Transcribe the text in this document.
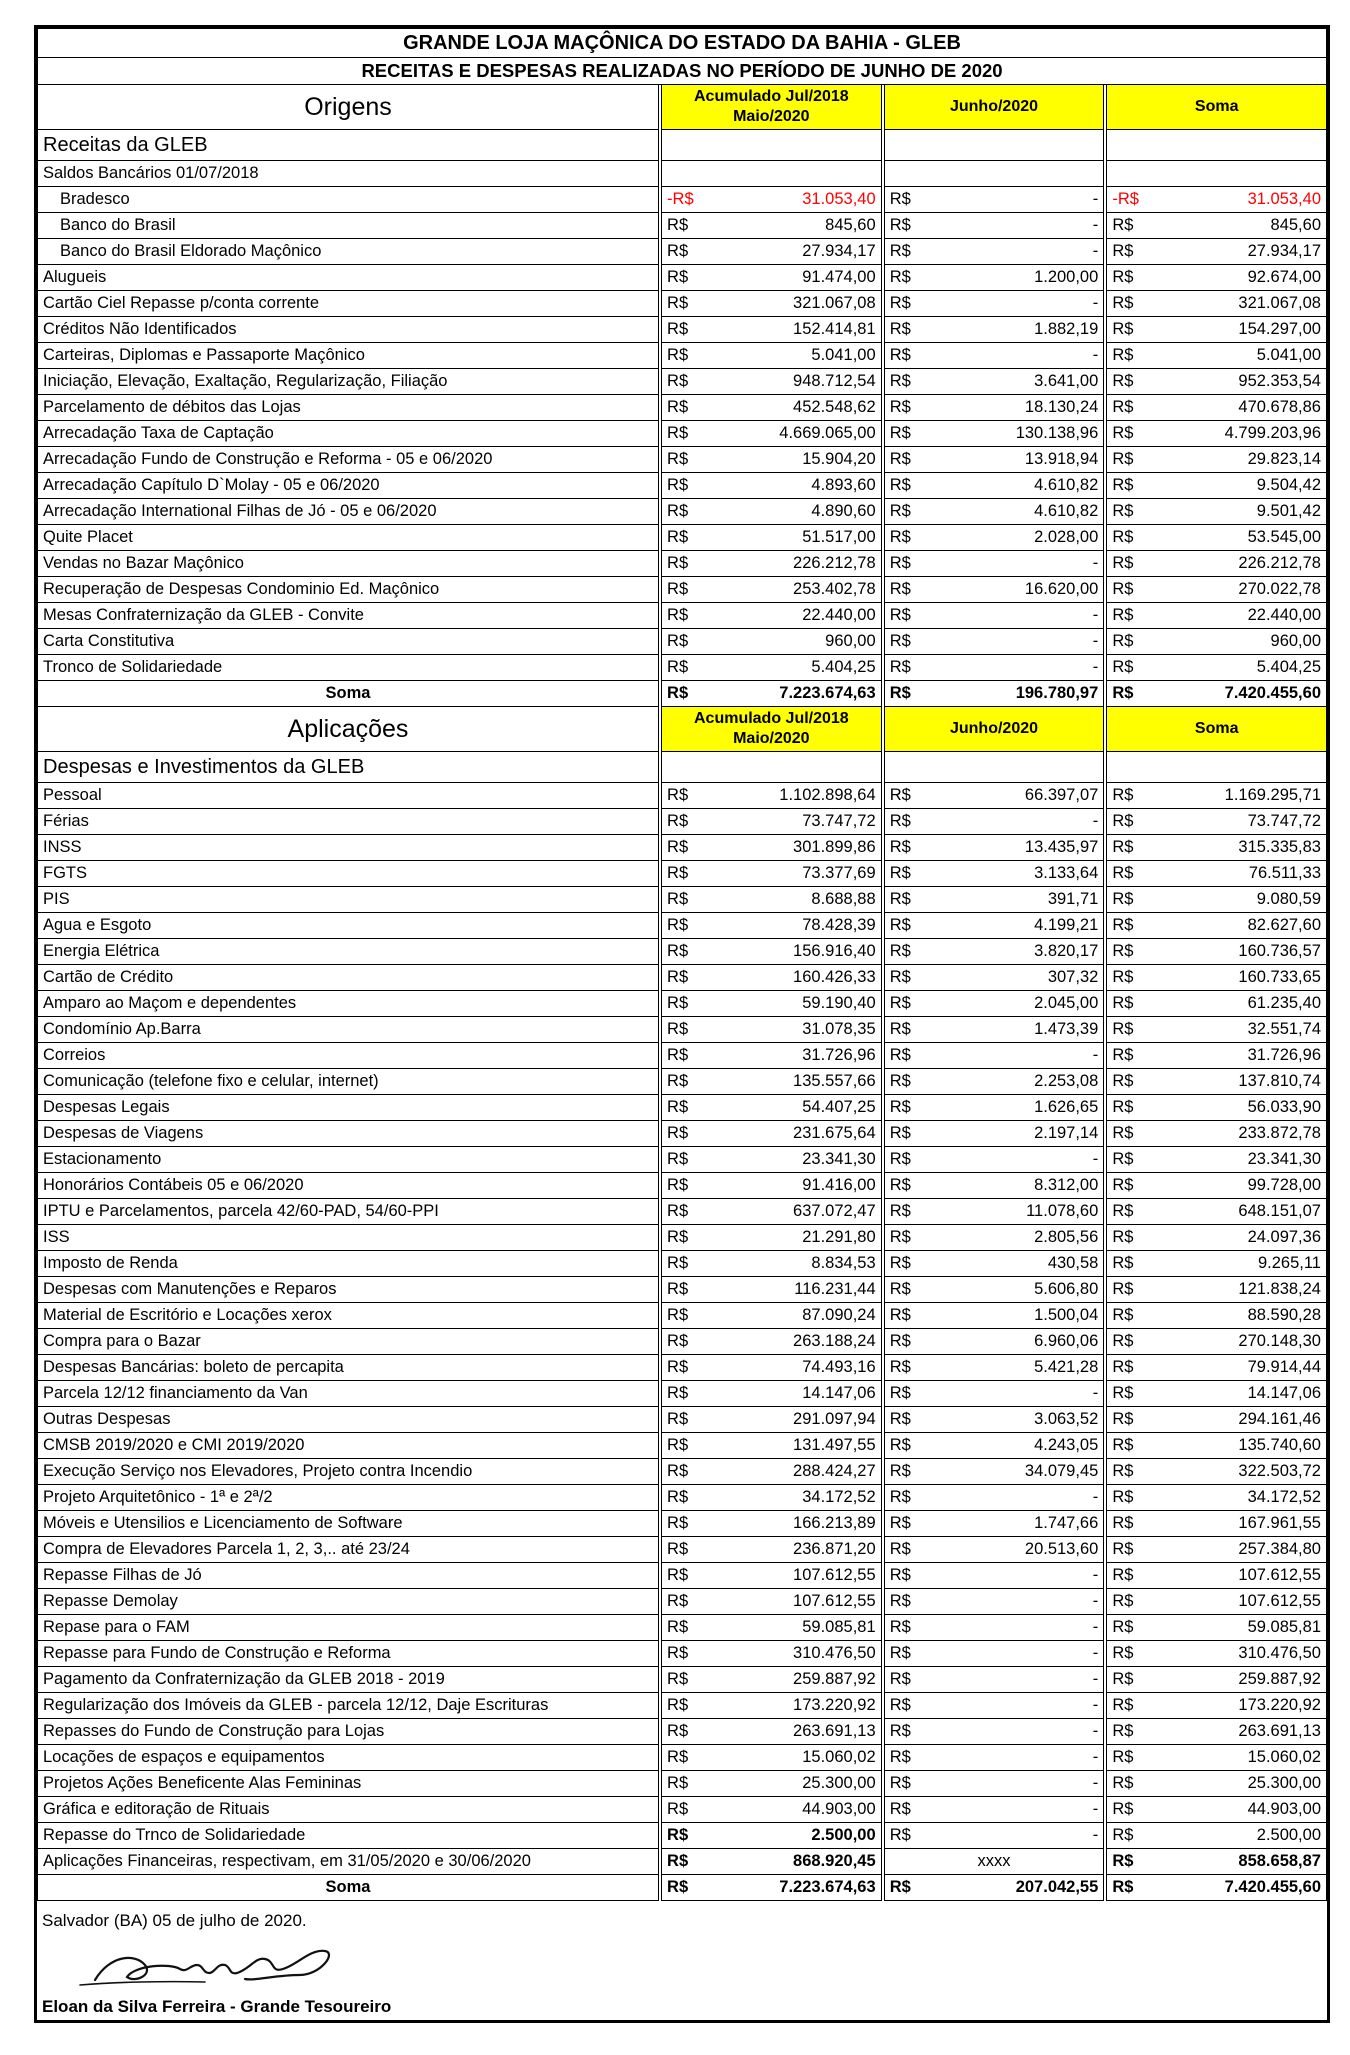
GRANDE LOJA MAÇÔNICA DO ESTADO DA BAHIA - GLEB						
RECEITAS E DESPESAS REALIZADAS NO PERÍODO DE JUNHO DE 2020						
Origens		Acumulado Jul/2018 Maio/2020		Junho/2020		Soma
Receitas da GLEB						
Saldos Bancários 01/07/2018						
Bradesco		-R$ 31.053,40		R$ -		-R$ 31.053,40

Banco do Brasil		R$ 845,60		R$ -		R$ 845,60

Banco do Brasil Eldorado Maçônico		R$ 27.934,17		R$ -		R$ 27.934,17

Alugueis		R$ 91.474,00		R$ 1.200,00		R$ 92.674,00

Cartão Ciel Repasse p/conta corrente		R$ 321.067,08		R$ -		R$ 321.067,08

Créditos Não Identificados		R$ 152.414,81		R$ 1.882,19		R$ 154.297,00

Carteiras, Diplomas e Passaporte Maçônico		R$ 5.041,00		R$ -		R$ 5.041,00

Iniciação, Elevação, Exaltação, Regularização, Filiação		R$ 948.712,54		R$ 3.641,00		R$ 952.353,54

Parcelamento de débitos das Lojas		R$ 452.548,62		R$ 18.130,24		R$ 470.678,86

Arrecadação Taxa de Captação		R$ 4.669.065,00		R$ 130.138,96		R$ 4.799.203,96

Arrecadação Fundo de Construção e Reforma - 05 e 06/2020		R$ 15.904,20		R$ 13.918,94		R$ 29.823,14

Arrecadação Capítulo D`Molay - 05 e 06/2020		R$ 4.893,60		R$ 4.610,82		R$ 9.504,42

Arrecadação International Filhas de Jó - 05 e 06/2020		R$ 4.890,60		R$ 4.610,82		R$ 9.501,42

Quite Placet		R$ 51.517,00		R$ 2.028,00		R$ 53.545,00

Vendas no Bazar Maçônico		R$ 226.212,78		R$ -		R$ 226.212,78

Recuperação de Despesas Condominio Ed. Maçônico		R$ 253.402,78		R$ 16.620,00		R$ 270.022,78

Mesas Confraternização da GLEB - Convite		R$ 22.440,00		R$ -		R$ 22.440,00

Carta Constitutiva		R$ 960,00		R$ -		R$ 960,00

Tronco de Solidariedade		R$ 5.404,25		R$ -		R$ 5.404,25

Soma		R$ 7.223.674,63		R$ 196.780,97		R$ 7.420.455,60

Aplicações		Acumulado Jul/2018 Maio/2020		Junho/2020		Soma
Despesas e Investimentos da GLEB						
Pessoal		R$ 1.102.898,64		R$ 66.397,07		R$ 1.169.295,71

Férias		R$ 73.747,72		R$ -		R$ 73.747,72

INSS		R$ 301.899,86		R$ 13.435,97		R$ 315.335,83

FGTS		R$ 73.377,69		R$ 3.133,64		R$ 76.511,33

PIS		R$ 8.688,88		R$ 391,71		R$ 9.080,59

Agua e Esgoto		R$ 78.428,39		R$ 4.199,21		R$ 82.627,60

Energia Elétrica		R$ 156.916,40		R$ 3.820,17		R$ 160.736,57

Cartão de Crédito		R$ 160.426,33		R$ 307,32		R$ 160.733,65

Amparo ao Maçom e dependentes		R$ 59.190,40		R$ 2.045,00		R$ 61.235,40

Condomínio Ap.Barra		R$ 31.078,35		R$ 1.473,39		R$ 32.551,74

Correios		R$ 31.726,96		R$ -		R$ 31.726,96

Comunicação (telefone fixo e celular, internet)		R$ 135.557,66		R$ 2.253,08		R$ 137.810,74

Despesas Legais		R$ 54.407,25		R$ 1.626,65		R$ 56.033,90

Despesas de Viagens		R$ 231.675,64		R$ 2.197,14		R$ 233.872,78

Estacionamento		R$ 23.341,30		R$ -		R$ 23.341,30

Honorários Contábeis 05 e 06/2020		R$ 91.416,00		R$ 8.312,00		R$ 99.728,00

IPTU e Parcelamentos, parcela 42/60-PAD, 54/60-PPI		R$ 637.072,47		R$ 11.078,60		R$ 648.151,07

ISS		R$ 21.291,80		R$ 2.805,56		R$ 24.097,36

Imposto de Renda		R$ 8.834,53		R$ 430,58		R$ 9.265,11

Despesas com Manutenções e Reparos		R$ 116.231,44		R$ 5.606,80		R$ 121.838,24

Material de Escritório e Locações xerox		R$ 87.090,24		R$ 1.500,04		R$ 88.590,28

Compra para o Bazar		R$ 263.188,24		R$ 6.960,06		R$ 270.148,30

Despesas Bancárias: boleto de percapita		R$ 74.493,16		R$ 5.421,28		R$ 79.914,44

Parcela 12/12 financiamento da Van		R$ 14.147,06		R$ -		R$ 14.147,06

Outras Despesas		R$ 291.097,94		R$ 3.063,52		R$ 294.161,46

CMSB 2019/2020 e CMI 2019/2020		R$ 131.497,55		R$ 4.243,05		R$ 135.740,60

Execução Serviço nos Elevadores, Projeto contra Incendio		R$ 288.424,27		R$ 34.079,45		R$ 322.503,72

Projeto Arquitetônico - 1ª e 2ª/2		R$ 34.172,52		R$ -		R$ 34.172,52

Móveis e Utensilios e Licenciamento de Software		R$ 166.213,89		R$ 1.747,66		R$ 167.961,55

Compra de Elevadores Parcela 1, 2, 3,.. até 23/24		R$ 236.871,20		R$ 20.513,60		R$ 257.384,80

Repasse Filhas de Jó		R$ 107.612,55		R$ -		R$ 107.612,55

Repasse Demolay		R$ 107.612,55		R$ -		R$ 107.612,55

Repase para o FAM		R$ 59.085,81		R$ -		R$ 59.085,81

Repasse para Fundo de Construção e Reforma		R$ 310.476,50		R$ -		R$ 310.476,50

Pagamento da Confraternização da GLEB 2018 - 2019		R$ 259.887,92		R$ -		R$ 259.887,92

Regularização dos Imóveis da GLEB - parcela 12/12, Daje Escrituras		R$ 173.220,92		R$ -		R$ 173.220,92

Repasses do Fundo de Construção para Lojas		R$ 263.691,13		R$ -		R$ 263.691,13

Locações de espaços e equipamentos		R$ 15.060,02		R$ -		R$ 15.060,02

Projetos Ações Beneficente Alas Femininas		R$ 25.300,00		R$ -		R$ 25.300,00

Gráfica e editoração de Rituais		R$ 44.903,00		R$ -		R$ 44.903,00

Repasse do Trnco de Solidariedade		R$ 2.500,00		R$ -		R$ 2.500,00

Aplicações Financeiras, respectivam, em 31/05/2020 e 30/06/2020		R$ 868.920,45		xxxx		R$ 858.658,87

Soma		R$ 7.223.674,63		R$ 207.042,55		R$ 7.420.455,60
Salvador (BA) 05 de julho de 2020.
Eloan da Silva Ferreira - Grande Tesoureiro
